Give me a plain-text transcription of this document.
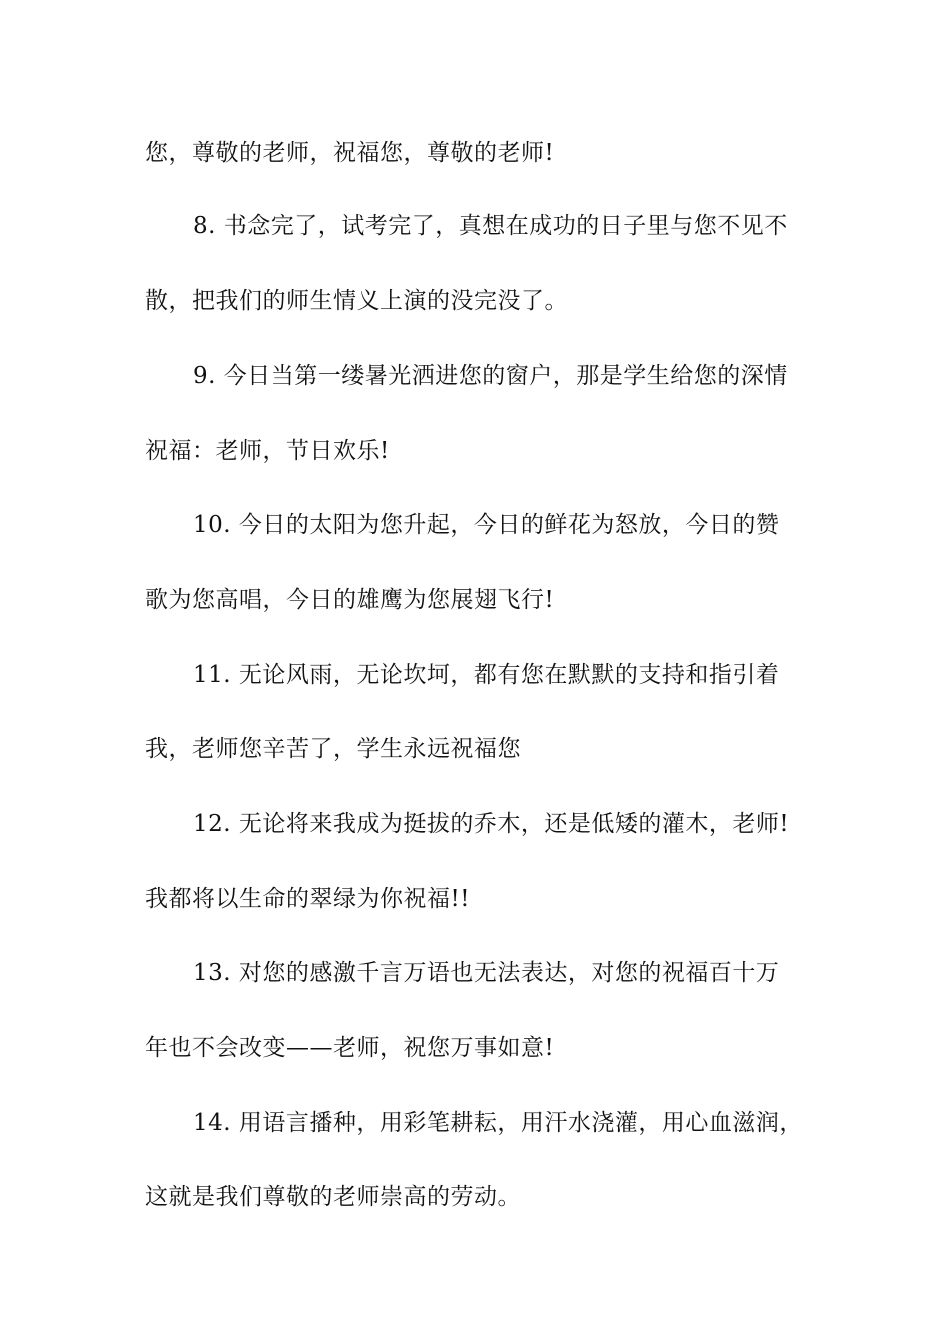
您，尊敬的老师，祝福您，尊敬的老师!
8. 书念完了，试考完了，真想在成功的日子里与您不见不
散，把我们的师生情义上演的没完没了。
9. 今日当第一缕暑光洒进您的窗户，那是学生给您的深情
祝福：老师，节日欢乐!
10. 今日的太阳为您升起，今日的鲜花为怒放，今日的赞
歌为您高唱，今日的雄鹰为您展翅飞行!
11. 无论风雨，无论坎坷，都有您在默默的支持和指引着
我，老师您辛苦了，学生永远祝福您
12. 无论将来我成为挺拔的乔木，还是低矮的灌木，老师!
我都将以生命的翠绿为你祝福!!
13. 对您的感激千言万语也无法表达，对您的祝福百十万
年也不会改变——老师，祝您万事如意!
14. 用语言播种，用彩笔耕耘，用汗水浇灌，用心血滋润，
这就是我们尊敬的老师崇高的劳动。
